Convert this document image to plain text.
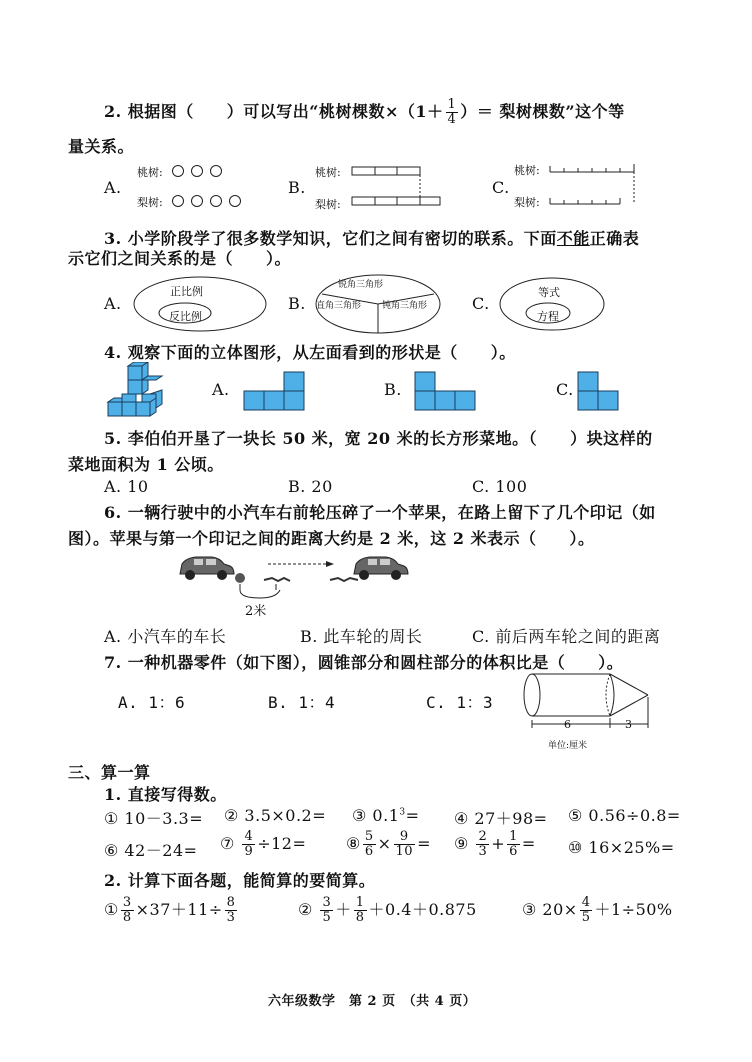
2. 根据图（　　）可以写出“桃树棵数$\times(1+ \frac{1}{4}$ ）＝ 梨树棵数”这个等
量关系。
A.
桃树:
梨树:
B.
桃树:
梨树:
C.
桃树:
梨树:
3. 小学阶段学了很多数学知识，它们之间有密切的联系。下面不能正确表
示它们之间关系的是（　　）。
A.
正比例
反比例
B.
锐角三角形
直角三角形 钝角三角形	C.
等式
方程
4. 观察下面的立体图形，从左面看到的形状是（　　）。
A.	B.	C.
5. 李伯伯开垦了一块长 50 米，宽 20 米的长方形菜地。（　　）块这样的
菜地面积为 1 公顷。
A. 10	B. 20	C. 100
6. 一辆行驶中的小汽车右前轮压碎了一个苹果，在路上留下了几个印记（如
图）。苹果与第一个印记之间的距离大约是 2 米，这 2 米表示（　　）。
2米
A. 小汽车的车长	B. 此车轮的周长	C. 前后两车轮之间的距离
7. 一种机器零件（如下图），圆锥部分和圆柱部分的体积比是（　　）。
A. 1：6	B. 1：4	C. 1：3
6	3
单位:厘米
三、算一算
1. 直接写得数。
① 10－3.3= ② 3.5×0.2= ③ $0.1^3=$ ④ 27＋98= ⑤ 0.56÷0.8=
⑥ 42－24= ⑦ $\frac{4}{9} \div 12=$ ⑧ $\frac{5}{6} \times \frac{9}{10}$ = ⑨ $\frac{2}{3} + \frac{1}{6}$ = ⑩ 16×25%=
2. 计算下面各题，能简算的要简算。
① $\frac{3}{8} \times 37+11\div \frac{8}{3}$	② $\frac{3}{5} + \frac{1}{8} +0.4+0.875$	③ $20\times \frac{4}{5} +1\div 50\%$
六年级数学　第 2 页　（共 4 页）
